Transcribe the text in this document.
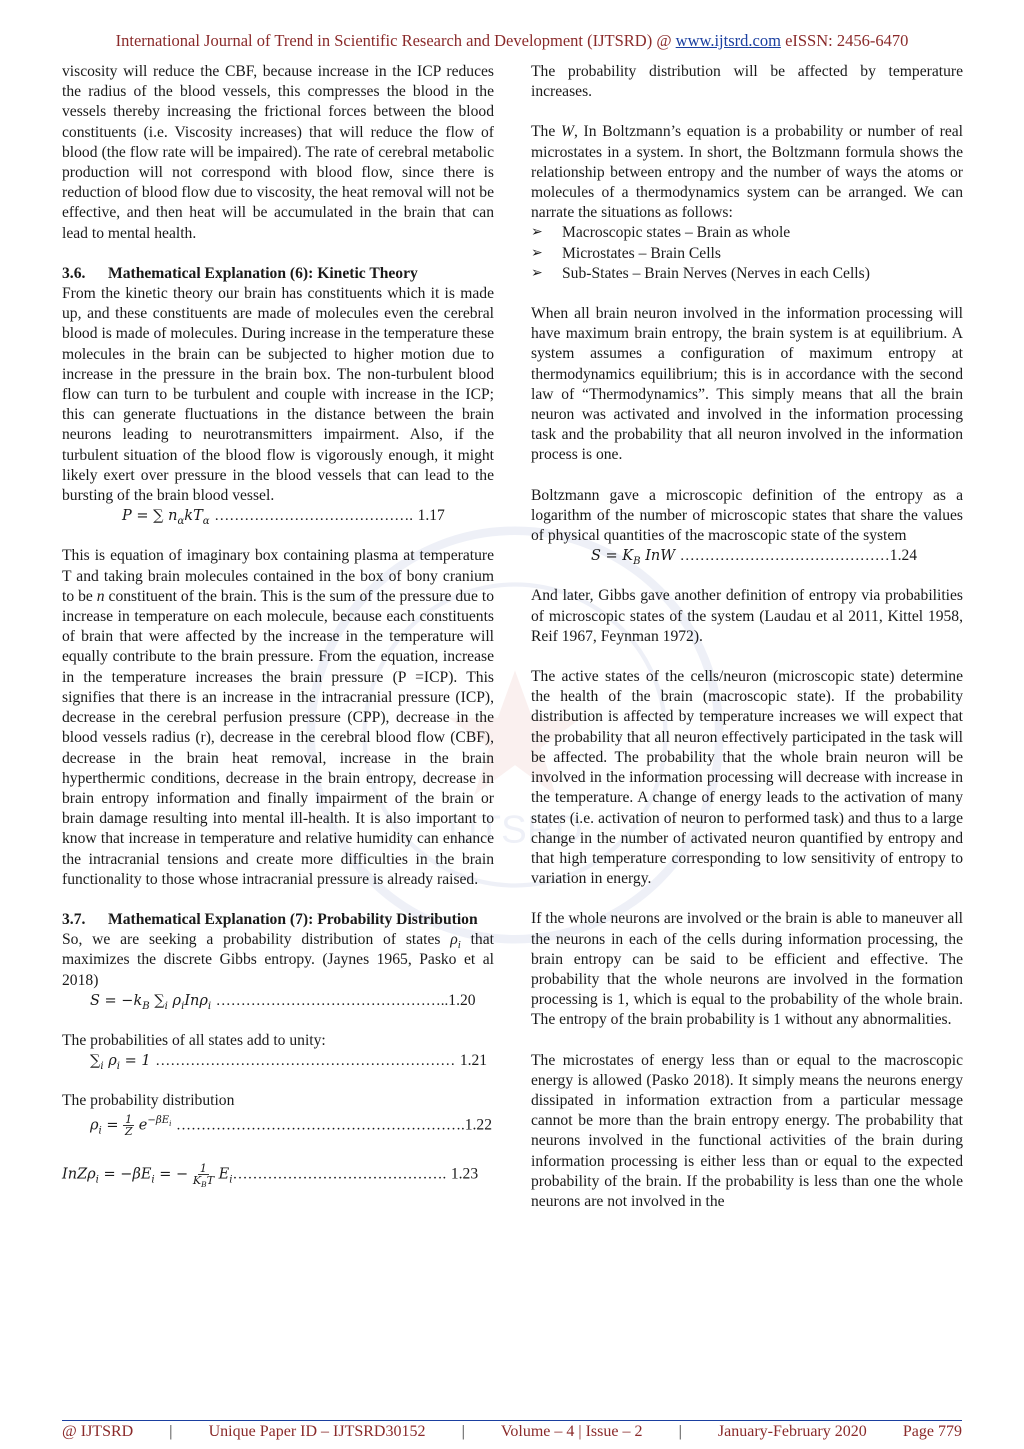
International Journal of Trend in Scientific Research and Development (IJTSRD) @ www.ijtsrd.com eISSN: 2456-6470
IJTSRD

viscosity will reduce the CBF, because increase in the ICP reduces the radius of the blood vessels, this compresses the blood in the vessels thereby increasing the frictional forces between the blood constituents (i.e. Viscosity increases) that will reduce the flow of blood (the flow rate will be impaired). The rate of cerebral metabolic production will not correspond with blood flow, since there is reduction of blood flow due to viscosity, the heat removal will not be effective, and then heat will be accumulated in the brain that can lead to mental health.

3.6. Mathematical Explanation (6): Kinetic Theory

From the kinetic theory our brain has constituents which it is made up, and these constituents are made of molecules even the cerebral blood is made of molecules. During increase in the temperature these molecules in the brain can be subjected to higher motion due to increase in the pressure in the brain box. The non-turbulent blood flow can turn to be turbulent and couple with increase in the ICP; this can generate fluctuations in the distance between the brain neurons leading to neurotransmitters impairment. Also, if the turbulent situation of the blood flow is vigorously enough, it might likely exert over pressure in the blood vessels that can lead to the bursting of the brain blood vessel.

P = ∑ $n_\alpha kT_\alpha$ …………………………………. 1.17

This is equation of imaginary box containing plasma at temperature T and taking brain molecules contained in the box of bony cranium to be n constituent of the brain. This is the sum of the pressure due to increase in temperature on each molecule, because each constituents of brain that were affected by the increase in the temperature will equally contribute to the brain pressure. From the equation, increase in the temperature increases the brain pressure (P =ICP). This signifies that there is an increase in the intracranial pressure (ICP), decrease in the cerebral perfusion pressure (CPP), decrease in the blood vessels radius (r), decrease in the cerebral blood flow (CBF), decrease in the brain heat removal, increase in the brain hyperthermic conditions, decrease in the brain entropy, decrease in brain entropy information and finally impairment of the brain or brain damage resulting into mental ill-health. It is also important to know that increase in temperature and relative humidity can enhance the intracranial tensions and create more difficulties in the brain functionality to those whose intracranial pressure is already raised.

3.7.	Mathematical Explanation (7): Probability Distribution

So, we are seeking a probability distribution of states $\rho_i$ that maximizes the discrete Gibbs entropy. (Jaynes 1965, Pasko et al 2018)

$S = -k_B$ $\sum_i$ $\rho_iIn\rho_i$ ………………………………………..1.20

The probabilities of all states add to unity:

$\sum_i$ $\rho_i = 1$ …………………………………………………… 1.21

The probability distribution

$\rho_i = \frac{1}{Z} e^{-\beta E_i}$ ………………………………………………….1.22
$InZ\rho_i = -\beta E_i$ = − $\frac{1}{K_BT}$ $E_i\dots\dots\dots\dots\dots\dots\dots\dots\dots\dots\dots\dots\dots\dots$. 1.23

The probability distribution will be affected by temperature increases.

The W, In Boltzmann’s equation is a probability or number of real microstates in a system. In short, the Boltzmann formula shows the relationship between entropy and the number of ways the atoms or molecules of a thermodynamics system can be arranged. We can narrate the situations as follows:

➢	Macroscopic states – Brain as whole
➢	Microstates – Brain Cells
➢	Sub-States – Brain Nerves (Nerves in each Cells)

When all brain neuron involved in the information processing will have maximum brain entropy, the brain system is at equilibrium. A system assumes a configuration of maximum entropy at thermodynamics equilibrium; this is in accordance with the second law of “Thermodynamics”. This simply means that all the brain neuron was activated and involved in the information processing task and the probability that all neuron involved in the information process is one.

Boltzmann gave a microscopic definition of the entropy as a logarithm of the number of microscopic states that share the values of physical quantities of the macroscopic state of the system

$S = K_B$ InW ……………………………………1.24

And later, Gibbs gave another definition of entropy via probabilities of microscopic states of the system (Laudau et al 2011, Kittel 1958, Reif 1967, Feynman 1972).

The active states of the cells/neuron (microscopic state) determine the health of the brain (macroscopic state). If the probability distribution is affected by temperature increases we will expect that the probability that all neuron effectively participated in the task will be affected. The probability that the whole brain neuron will be involved in the information processing will decrease with increase in the temperature. A change of energy leads to the activation of many states (i.e. activation of neuron to performed task) and thus to a large change in the number of activated neuron quantified by entropy and that high temperature corresponding to low sensitivity of entropy to variation in energy.

If the whole neurons are involved or the brain is able to maneuver all the neurons in each of the cells during information processing, the brain entropy can be said to be efficient and effective. The probability that the whole neurons are involved in the formation processing is 1, which is equal to the probability of the whole brain. The entropy of the brain probability is 1 without any abnormalities.

The microstates of energy less than or equal to the macroscopic energy is allowed (Pasko 2018). It simply means the neurons energy dissipated in information extraction from a particular message cannot be more than the brain entropy energy. The probability that neurons involved in the functional activities of the brain during information processing is either less than or equal to the expected probability of the brain. If the probability is less than one the whole neurons are not involved in the

@ IJTSRD | Unique Paper ID – IJTSRD30152 | Volume – 4 | Issue – 2 | January-February 2020 Page 779
